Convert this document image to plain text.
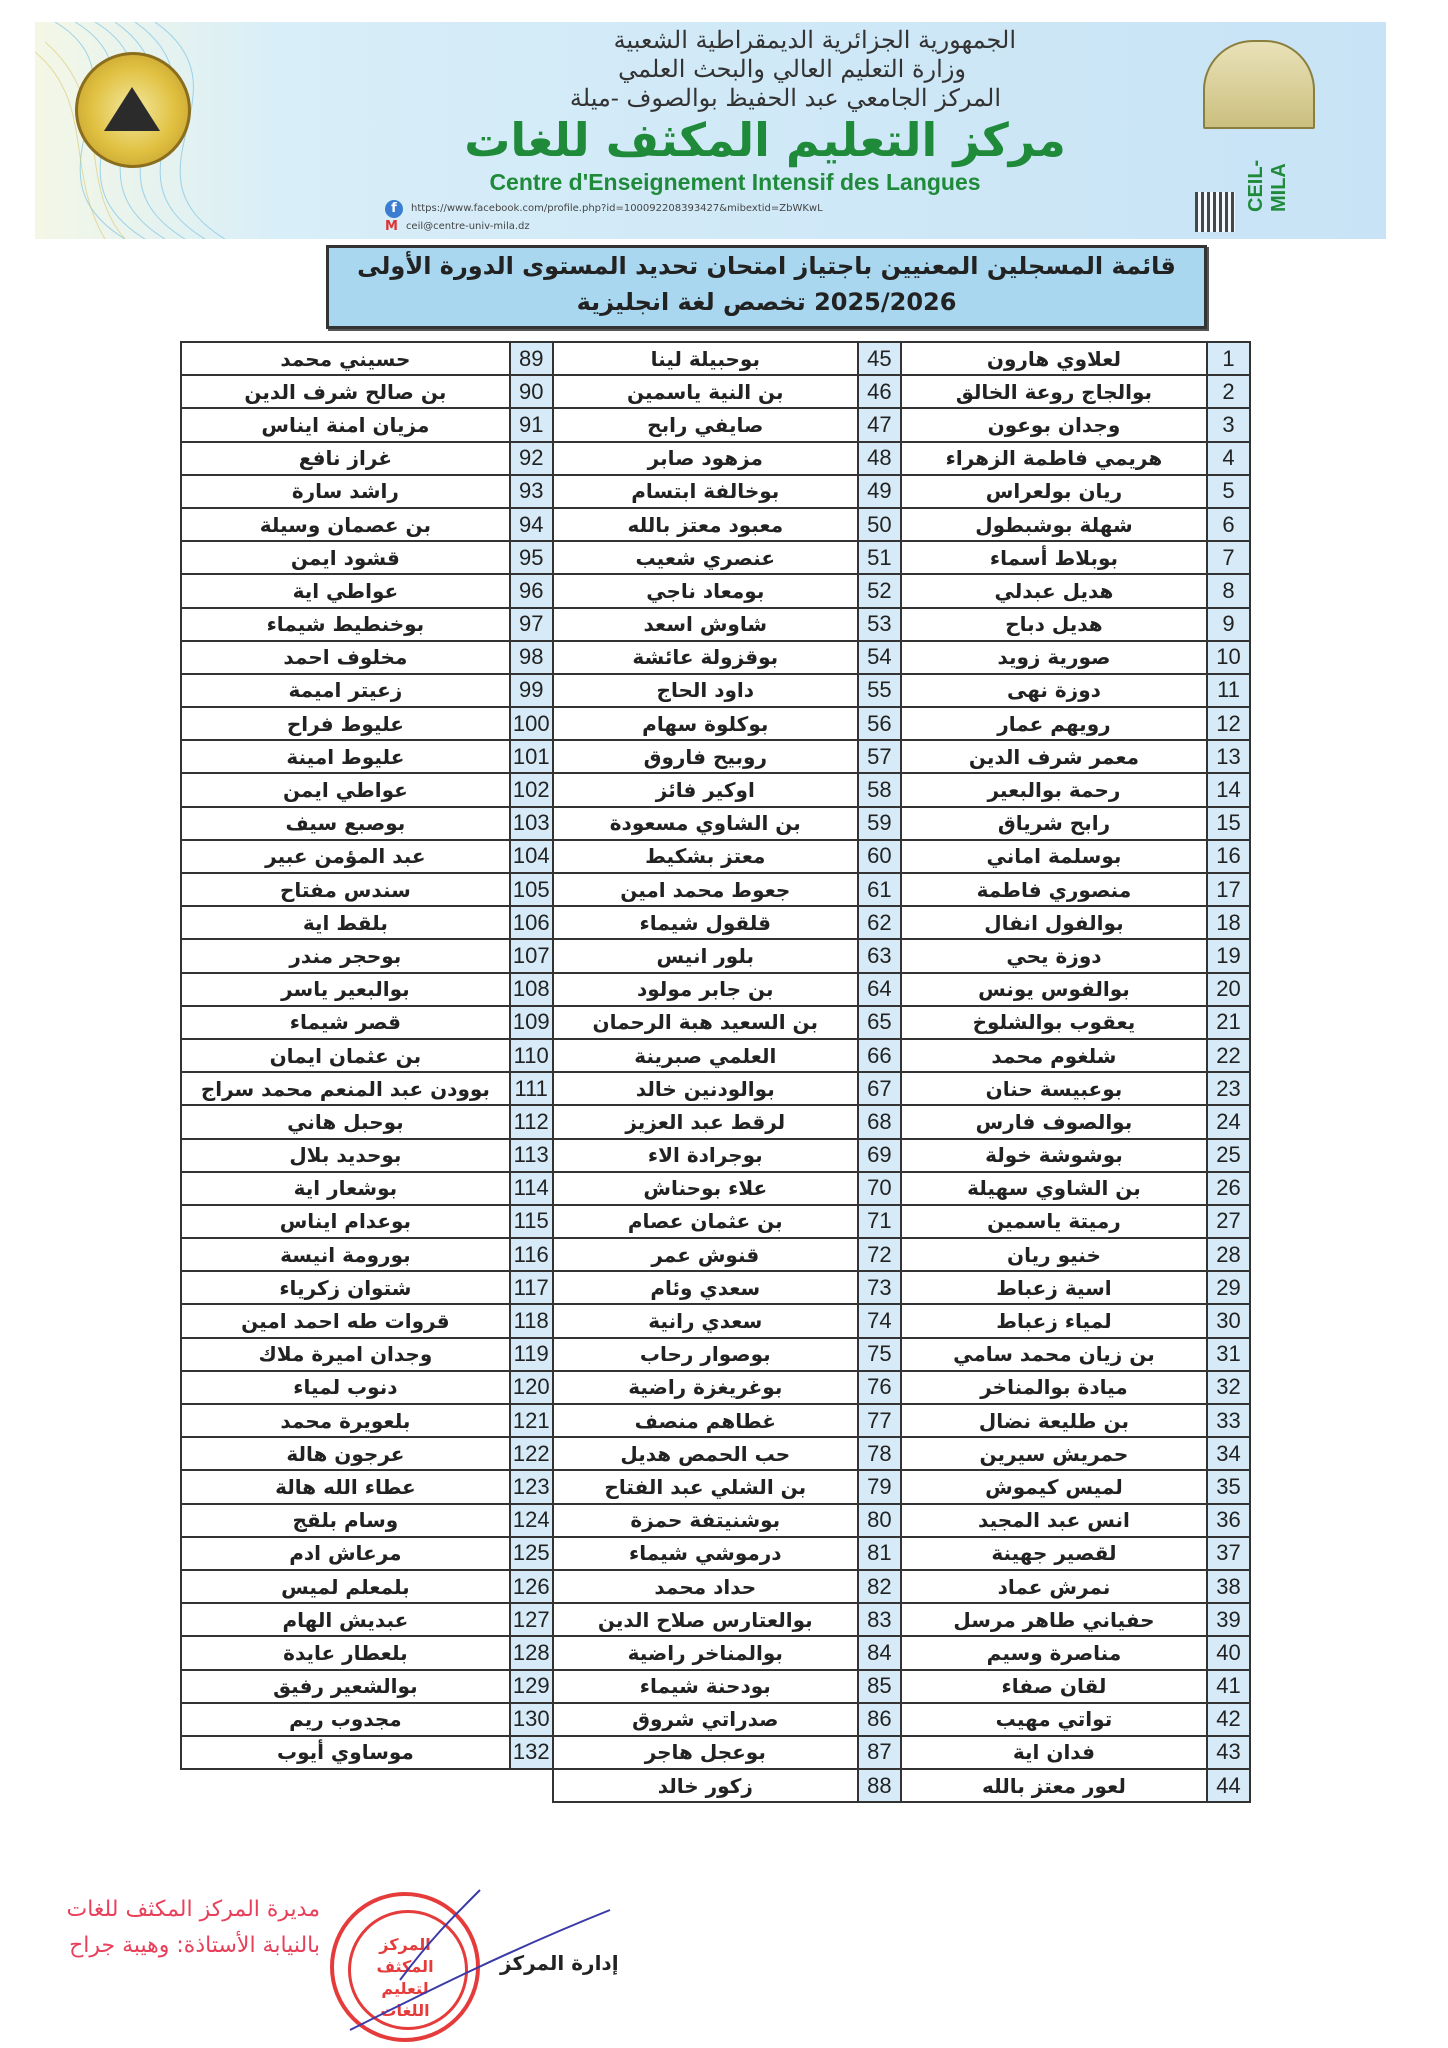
الجمهورية الجزائرية الديمقراطية الشعبية
وزارة التعليم العالي والبحث العلمي
المركز الجامعي عبد الحفيظ بوالصوف -ميلة
مركز التعليم المكثف للغات
Centre d'Enseignement Intensif des Langues
f	https://www.facebook.com/profile.php?id=100092208393427&mibextid=ZbWKwL
M ceil@centre-univ-mila.dz
CEIL-MILA
قائمة المسجلين المعنيين باجتياز امتحان تحديد المستوى الدورة الأولى
2025/2026 تخصص لغة انجليزية
حسيني محمد	89	بوحبيلة لينا	45	لعلاوي هارون	1
بن صالح شرف الدين	90	بن النية ياسمين	46	بوالجاج روعة الخالق	2
مزيان امنة ايناس	91	صايفي رابح	47	وجدان بوعون	3
غراز نافع	92	مزهود صابر	48	هريمي فاطمة الزهراء	4
راشد سارة	93	بوخالفة ابتسام	49	ريان بولعراس	5
بن عصمان وسيلة	94	معبود معتز بالله	50	شهلة بوشبطول	6
قشود ايمن	95	عنصري شعيب	51	بوبلاط أسماء	7
عواطي اية	96	بومعاد ناجي	52	هديل عبدلي	8
بوخنطيط شيماء	97	شاوش اسعد	53	هديل دباح	9
مخلوف احمد	98	بوقزولة عائشة	54	صورية زويد	10
زعيتر اميمة	99	داود الحاج	55	دوزة نهى	11
عليوط فراح	100	بوكلوة سهام	56	رويهم عمار	12
عليوط امينة	101	روبيح فاروق	57	معمر شرف الدين	13
عواطي ايمن	102	اوكير فائز	58	رحمة بوالبعير	14
بوصبع سيف	103	بن الشاوي مسعودة	59	رابح شرياق	15
عبد المؤمن عبير	104	معتز بشكيط	60	بوسلمة اماني	16
سندس مفتاح	105	جعوط محمد امين	61	منصوري فاطمة	17
بلقط اية	106	قلقول شيماء	62	بوالفول انفال	18
بوحجر مندر	107	بلور انيس	63	دوزة يحي	19
بوالبعير ياسر	108	بن جابر مولود	64	بوالفوس يونس	20
قصر شيماء	109	بن السعيد هبة الرحمان	65	يعقوب بوالشلوخ	21
بن عثمان ايمان	110	العلمي صبرينة	66	شلغوم محمد	22
بوودن عبد المنعم محمد سراج	111	بوالودنين خالد	67	بوعبيسة حنان	23
بوحبل هاني	112	لرقط عبد العزيز	68	بوالصوف فارس	24
بوحديد بلال	113	بوجرادة الاء	69	بوشوشة خولة	25
بوشعار اية	114	علاء بوحناش	70	بن الشاوي سهيلة	26
بوعدام ايناس	115	بن عثمان عصام	71	رميتة ياسمين	27
بورومة انيسة	116	قنوش عمر	72	خنيو ريان	28
شتوان زكرياء	117	سعدي وئام	73	اسية زعباط	29
قروات طه احمد امين	118	سعدي رانية	74	لمياء زعباط	30
وجدان اميرة ملاك	119	بوصوار رحاب	75	بن زيان محمد سامي	31
دنوب لمياء	120	بوغريغزة راضية	76	ميادة بوالمناخر	32
بلعويرة محمد	121	غطاهم منصف	77	بن طليعة نضال	33
عرجون هالة	122	حب الحمص هديل	78	حمريش سيرين	34
عطاء الله هالة	123	بن الشلي عبد الفتاح	79	لميس كيموش	35
وسام بلقج	124	بوشنيتفة حمزة	80	انس عبد المجيد	36
مرعاش ادم	125	درموشي شيماء	81	لقصير جهينة	37
بلمعلم لميس	126	حداد محمد	82	نمرش عماد	38
عبديش الهام	127	بوالعتارس صلاح الدين	83	حفياني طاهر مرسل	39
بلعطار عايدة	128	بوالمناخر راضية	84	مناصرة وسيم	40
بوالشعير رفيق	129	بودحنة شيماء	85	لقان صفاء	41
مجدوب ريم	130	صدراتي شروق	86	تواتي مهيب	42
موساوي أيوب	132	بوعجل هاجر	87	فدان اية	43
		زكور خالد	88	لعور معتز بالله	44
مديرة المركز المكثف للغات بالنيابة الأستاذة: وهيبة جراح	المركز المكثف لتعليم اللغات
إدارة المركز
